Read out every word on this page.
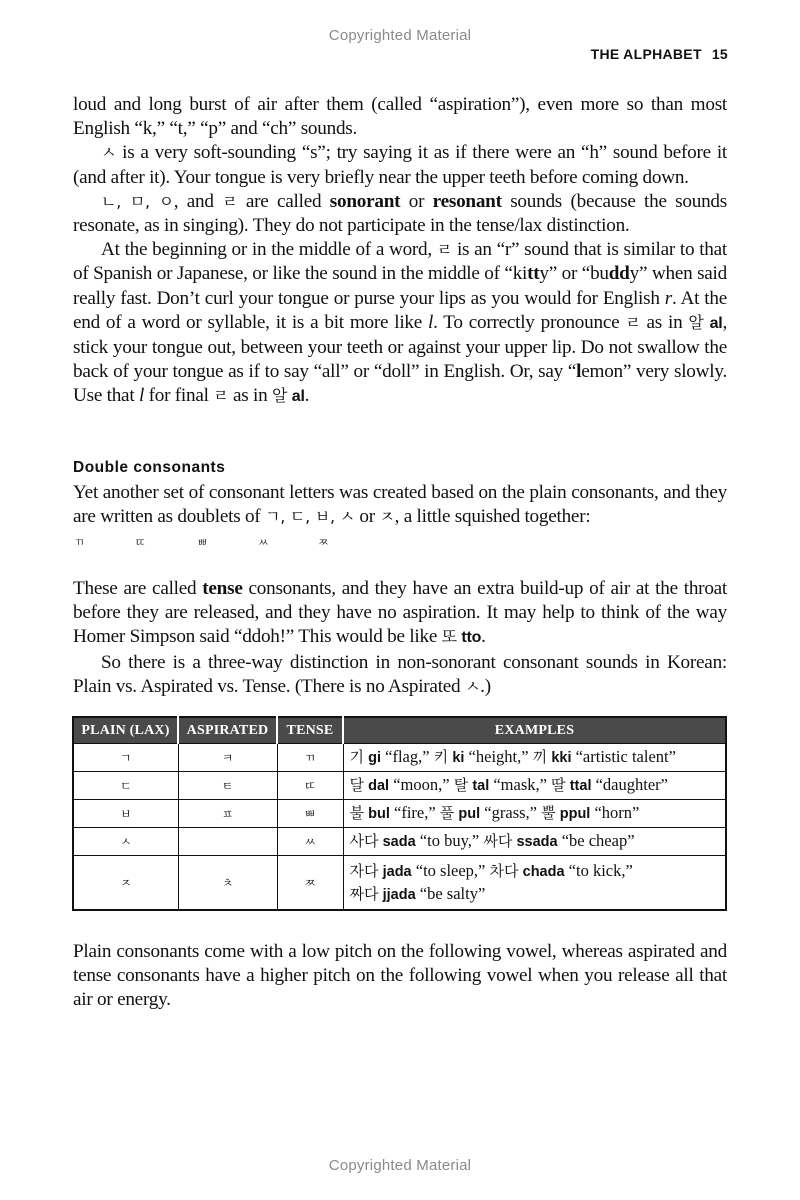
Copyrighted Material
THE ALPHABET 15

loud and long burst of air after them (called “aspiration”), even more so than most English “k,” “t,” “p” and “ch” sounds.

ㅅ is a very soft-sounding “s”; try saying it as if there were an “h” sound before it (and after it). Your tongue is very briefly near the upper teeth before coming down.

ㄴ, ㅁ, ㅇ, and ㄹ are called sonorant or resonant sounds (because the sounds resonate, as in singing). They do not participate in the tense/lax distinction.

At the beginning or in the middle of a word, ㄹ is an “r” sound that is similar to that of Spanish or Japanese, or like the sound in the middle of “kitty” or “buddy” when said really fast. Don’t curl your tongue or purse your lips as you would for English r. At the end of a word or syllable, it is a bit more like l. To correctly pronounce ㄹ as in 알 al, stick your tongue out, between your teeth or against your upper lip. Do not swallow the back of your tongue as if to say “all” or “doll” in English. Or, say “lemon” very slowly. Use that l for final ㄹ as in 알 al.

Double consonants

Yet another set of consonant letters was created based on the plain consonants, and they are written as doublets of ㄱ, ㄷ, ㅂ, ㅅ or ㅈ, a little squished together:

ㄲ	ㄸ	ㅃ	ㅆ	ㅉ

These are called tense consonants, and they have an extra build-up of air at the throat before they are released, and they have no aspiration. It may help to think of the way Homer Simpson said “ddoh!” This would be like 또 tto.

So there is a three-way distinction in non-sonorant consonant sounds in Korean: Plain vs. Aspirated vs. Tense. (There is no Aspirated ㅅ.)

PLAIN (LAX)	ASPIRATED	TENSE	EXAMPLES
ㄱ	ㅋ	ㄲ	기 gi “flag,” 키 ki “height,” 끼 kki “artistic talent”
ㄷ	ㅌ	ㄸ	달 dal “moon,” 탈 tal “mask,” 딸 ttal “daughter”
ㅂ	ㅍ	ㅃ	불 bul “fire,” 풀 pul “grass,” 뿔 ppul “horn”
ㅅ		ㅆ	사다 sada “to buy,” 싸다 ssada “be cheap”
ㅈ	ㅊ	ㅉ	자다 jada “to sleep,” 차다 chada “to kick,”
짜다 jjada “be salty”

Plain consonants come with a low pitch on the following vowel, whereas aspirated and tense consonants have a higher pitch on the following vowel when you release all that air or energy.

Copyrighted Material
